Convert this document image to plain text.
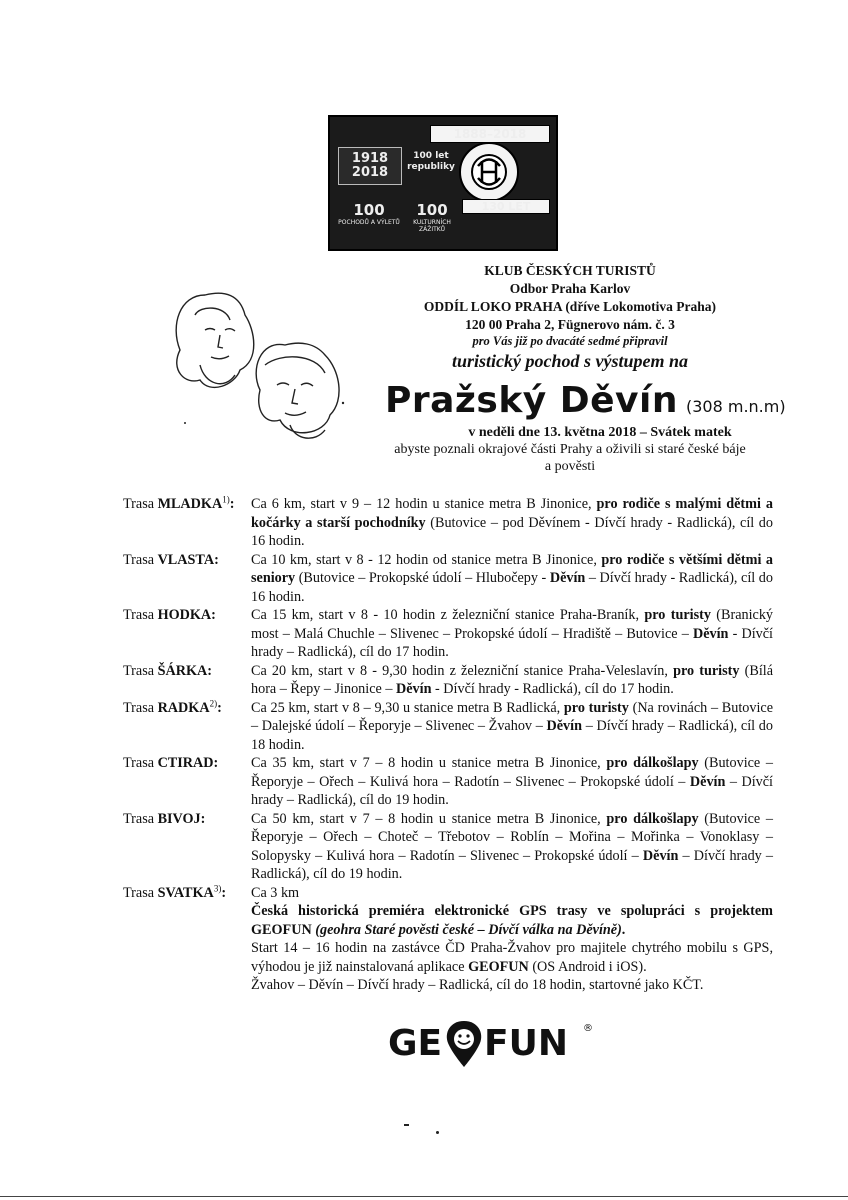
1918
2018
100 let republiky
1888–2018
100
POCHODŮ A VÝLETŮ
100
KULTURNÍCH ZÁŽITKŮ
130 LET
KLUB ČESKÝCH TURISTŮ
Odbor Praha Karlov
ODDÍL LOKO PRAHA (dříve Lokomotiva Praha)
120 00 Praha 2, Fügnerovo nám. č. 3
pro Vás již po dvacáté sedmé připravil
turistický pochod s výstupem na
Pražský Děvín (308 m.n.m)
v neděli dne 13. května 2018 – Svátek matek
abyste poznali okrajové části Prahy a oživili si staré české báje
a pověsti
Trasa MLADKA$^{1)}$: Ca 6 km, start v 9 – 12 hodin u stanice metra B Jinonice, pro rodiče s malými dětmi a kočárky a starší pochodníky (Butovice – pod Děvínem - Dívčí hrady - Radlická), cíl do 16 hodin.
Trasa VLASTA: Ca 10 km, start v 8 - 12 hodin od stanice metra B Jinonice, pro rodiče s většími dětmi a seniory (Butovice – Prokopské údolí – Hlubočepy - Děvín – Dívčí hrady - Radlická), cíl do 16 hodin.
Trasa HODKA: Ca 15 km, start v 8 - 10 hodin z železniční stanice Praha-Braník, pro turisty (Branický most – Malá Chuchle – Slivenec – Prokopské údolí – Hradiště – Butovice – Děvín - Dívčí hrady – Radlická), cíl do 17 hodin.
Trasa ŠÁRKA:	Ca 20 km, start v 8 - 9,30 hodin z železniční stanice Praha-Veleslavín, pro turisty (Bílá hora – Řepy – Jinonice – Děvín - Dívčí hrady - Radlická), cíl do 17 hodin.
Trasa RADKA$^{2)}$: Ca 25 km, start v 8 – 9,30 u stanice metra B Radlická, pro turisty (Na rovinách – Butovice – Dalejské údolí – Řeporyje – Slivenec – Žvahov – Děvín – Dívčí hrady – Radlická), cíl do 18 hodin.
Trasa CTIRAD: Ca 35 km, start v 7 – 8 hodin u stanice metra B Jinonice, pro dálkošlapy (Butovice – Řeporyje – Ořech – Kulivá hora – Radotín – Slivenec – Prokopské údolí – Děvín – Dívčí hrady – Radlická), cíl do 19 hodin.
Trasa BIVOJ:	Ca 50 km, start v 7 – 8 hodin u stanice metra B Jinonice, pro dálkošlapy (Butovice – Řeporyje – Ořech – Choteč – Třebotov – Roblín – Mořina – Mořinka – Vonoklasy – Solopysky – Kulivá hora – Radotín – Slivenec – Prokopské údolí – Děvín – Dívčí hrady – Radlická), cíl do 19 hodin.
Trasa SVATKA$^{3)}$: Ca 3 km
Česká historická premiéra elektronické GPS trasy ve spolupráci s projektem GEOFUN (geohra Staré pověsti české – Dívčí válka na Děvíně).
Start 14 – 16 hodin na zastávce ČD Praha-Žvahov pro majitele chytrého mobilu s GPS, výhodou je již nainstalovaná aplikace GEOFUN (OS Android i iOS).
Žvahov – Děvín – Dívčí hrady – Radlická, cíl do 18 hodin, startovné jako KČT.
GE FUN ®
